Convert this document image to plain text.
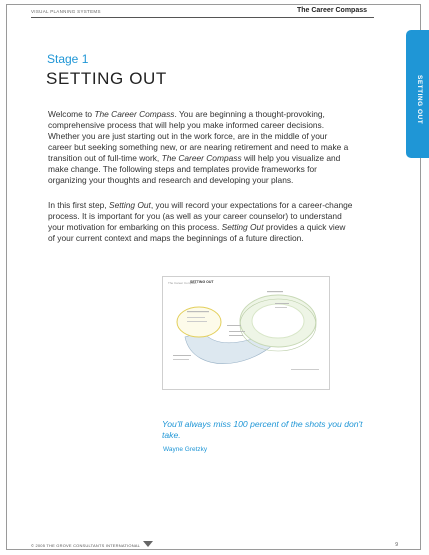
VISUAL PLANNING SYSTEMS	The Career Compass
SETTING OUT
Stage 1
SETTING OUT
Welcome to The Career Compass. You are beginning a thought-provoking, comprehensive process that will help you make informed career decisions. Whether you are just starting out in the work force, are in the middle of your career but seeking something new, or are nearing retirement and need to make a transition out of full-time work, The Career Compass will help you visualize and make change. The following steps and templates provide frameworks for organizing your thoughts and research and developing your plans.
In this first step, Setting Out, you will record your expectations for a career-change process. It is important for you (as well as your career counselor) to understand your motivation for embarking on this process. Setting Out provides a quick view of your current context and maps the beginnings of a future direction.
The Career Compass
SETTING OUT
You'll always miss 100 percent of the shots you don't take.
Wayne Gretzky
© 2005 THE GROVE CONSULTANTS INTERNATIONAL	9
